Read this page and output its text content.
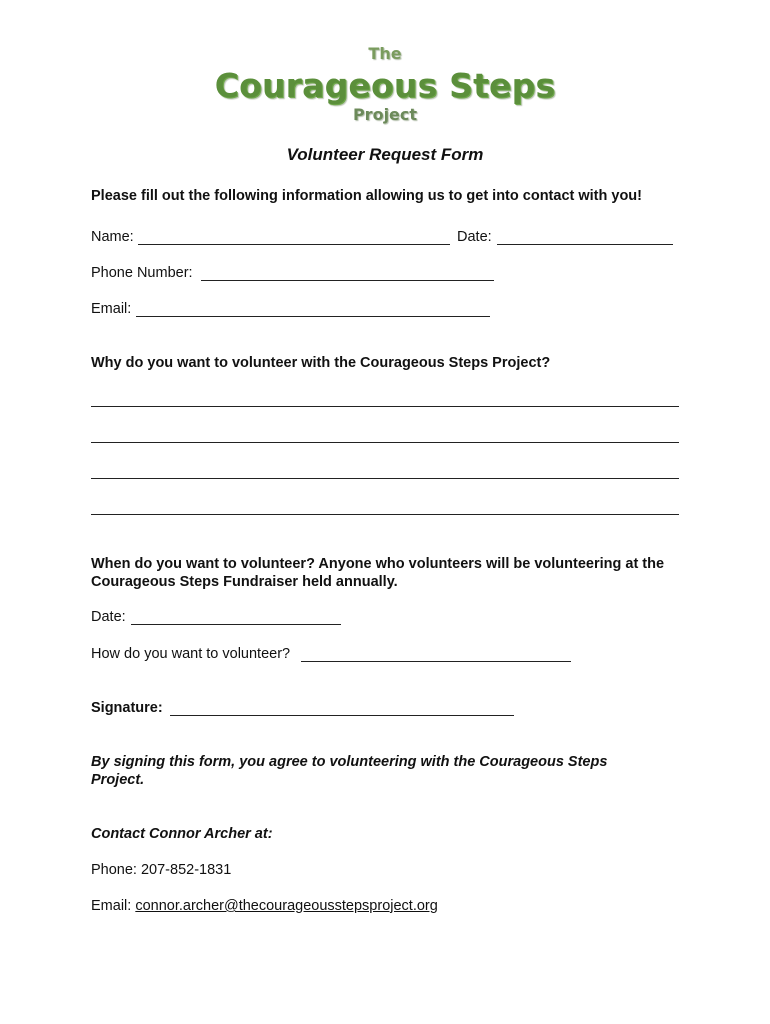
The
Courageous Steps
Project
Volunteer Request Form
Please fill out the following information allowing us to get into contact with you!
Name:	Date:
Phone Number:
Email:
Why do you want to volunteer with the Courageous Steps Project?
When do you want to volunteer? Anyone who volunteers will be volunteering at the Courageous Steps Fundraiser held annually.
Date:
How do you want to volunteer?
Signature:
By signing this form, you agree to volunteering with the Courageous Steps Project.
Contact Connor Archer at:
Phone: 207-852-1831
Email: connor.archer@thecourageousstepsproject.org
